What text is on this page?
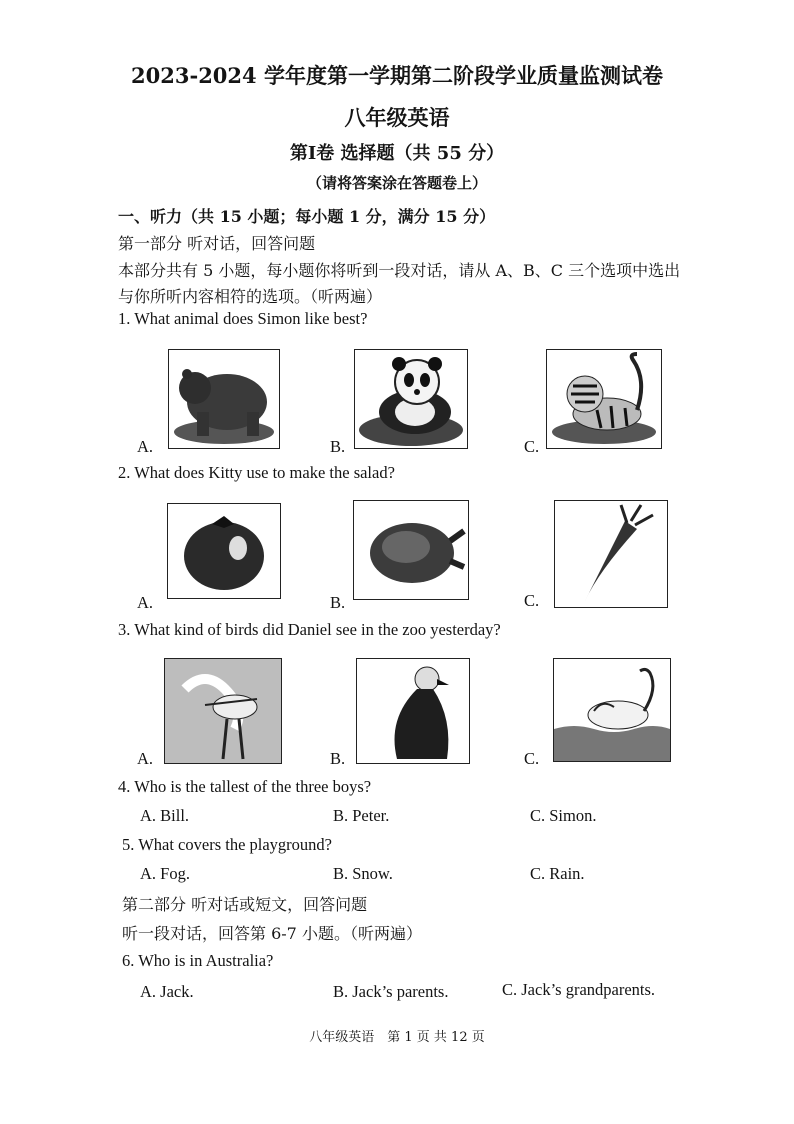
2023-2024 学年度第一学期第二阶段学业质量监测试卷
八年级英语
第Ⅰ卷 选择题（共 55 分）
（请将答案涂在答题卷上）
一、听力（共 15 小题；每小题 1 分，满分 15 分）
第一部分 听对话，回答问题
本部分共有 5 小题，每小题你将听到一段对话，请从 A、B、C 三个选项中选出
与你所听内容相符的选项。（听两遍）
1. What animal does Simon like best?
A.	B.	C.
2. What does Kitty use to make the salad?
A.	B.	C.
3. What kind of birds did Daniel see in the zoo yesterday?
A.	B.	C.
4. Who is the tallest of the three boys?
A. Bill.	B. Peter.	C. Simon.
5. What covers the playground?
A. Fog.	B. Snow.	C. Rain.
第二部分 听对话或短文，回答问题
听一段对话，回答第 6-7 小题。（听两遍）
6. Who is in Australia?
A. Jack.	B. Jack’s parents.	C. Jack’s grandparents.
八年级英语　第 1 页 共 12 页
